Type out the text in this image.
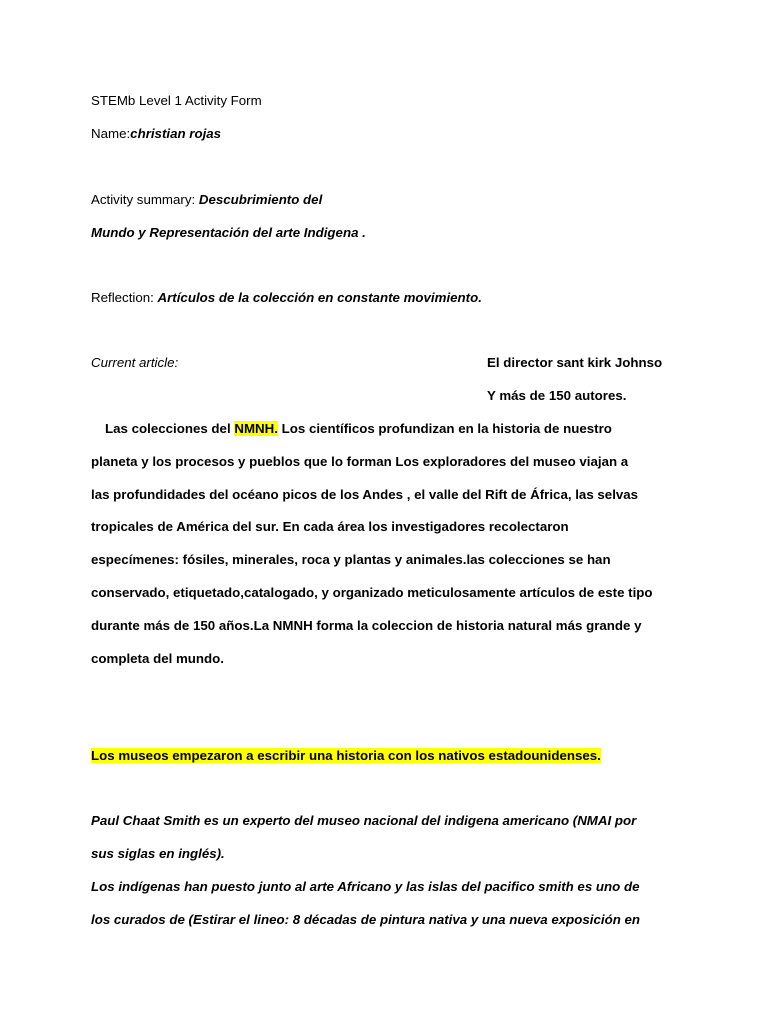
STEMb Level 1 Activity Form
Name:christian rojas
Activity summary: Descubrimiento del
Mundo y Representación del arte Indigena .
Reflection: Artículos de la colección en constante movimiento.
Current article:	El director sant kirk Johnso
Y más de 150 autores.
Las colecciones del NMNH. Los científicos profundizan en la historia de nuestro
planeta y los procesos y pueblos que lo forman Los exploradores del museo viajan a
las profundidades del océano picos de los Andes , el valle del Rift de África, las selvas
tropicales de América del sur. En cada área los investigadores recolectaron
especímenes: fósiles, minerales, roca y plantas y animales.las colecciones se han
conservado, etiquetado,catalogado, y organizado meticulosamente artículos de este tipo
durante más de 150 años.La NMNH forma la coleccion de historia natural más grande y
completa del mundo.
Los museos empezaron a escribir una historia con los nativos estadounidenses.
Paul Chaat Smith es un experto del museo nacional del indigena americano (NMAI por
sus siglas en inglés).
Los indígenas han puesto junto al arte Africano y las islas del pacifico smith es uno de
los curados de (Estirar el lineo: 8 décadas de pintura nativa y una nueva exposición en
